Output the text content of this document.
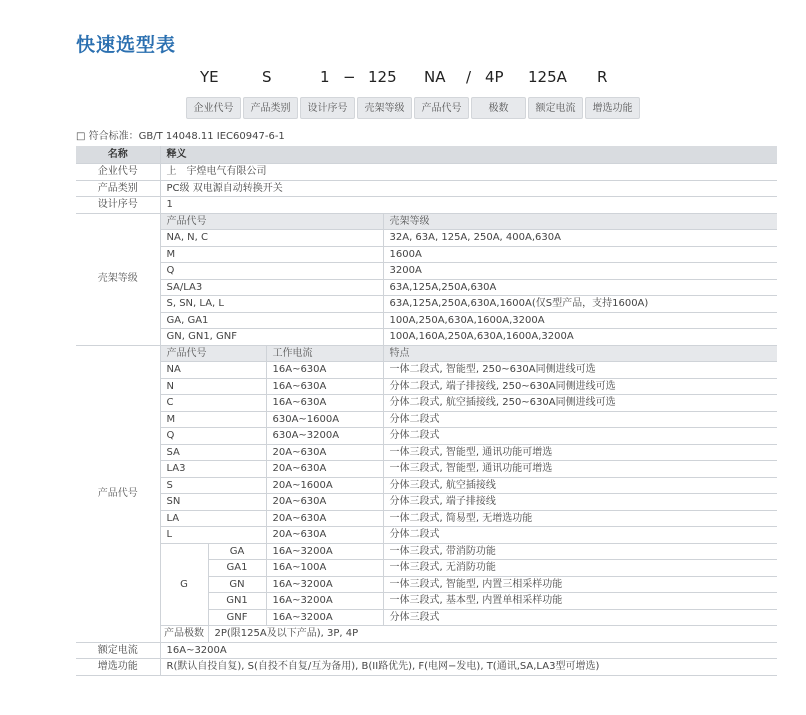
快速选型表
YE	S	1 − 125 NA / 4P 125A R
企业代号	产品类别	设计序号	壳架等级	产品代号	极数	额定电流	增选功能
□ 符合标准：GB/T 14048.11 IEC60947-6-1
名称	释义			
企业代号	上　宇煌电气有限公司			
产品类别	PC级 双电源自动转换开关			
设计序号	1			
壳架等级	产品代号			壳架等级
	NA, N, C			32A, 63A, 125A, 250A, 400A,630A
	M			1600A
	Q			3200A
	SA/LA3			63A,125A,250A,630A
	S, SN, LA, L			63A,125A,250A,630A,1600A(仅S型产品，支持1600A)
	GA, GA1			100A,250A,630A,1600A,3200A
	GN, GN1, GNF			100A,160A,250A,630A,1600A,3200A
产品代号	产品代号		工作电流	特点
	NA		16A~630A	一体二段式, 智能型, 250~630A同侧进线可选
	N		16A~630A	分体二段式, 端子排接线, 250~630A同侧进线可选
	C		16A~630A	分体二段式, 航空插接线, 250~630A同侧进线可选
	M		630A~1600A	分体二段式
	Q		630A~3200A	分体二段式
	SA		20A~630A	一体三段式, 智能型, 通讯功能可增选
	LA3		20A~630A	一体三段式, 智能型, 通讯功能可增选
	S		20A~1600A	分体三段式, 航空插接线
	SN		20A~630A	分体三段式, 端子排接线
	LA		20A~630A	一体二段式, 简易型, 无增选功能
	L		20A~630A	分体二段式
	G	GA	16A~3200A	一体三段式, 带消防功能
		GA1	16A~100A	一体三段式, 无消防功能
		GN	16A~3200A	一体三段式, 智能型, 内置三相采样功能
		GN1	16A~3200A	一体三段式, 基本型, 内置单相采样功能
		GNF	16A~3200A	分体三段式
	产品极数	2P(限125A及以下产品), 3P, 4P		
额定电流	16A~3200A			
增选功能	R(默认自投自复), S(自投不自复/互为备用), B(II路优先), F(电网−发电), T(通讯,SA,LA3型可增选)			
